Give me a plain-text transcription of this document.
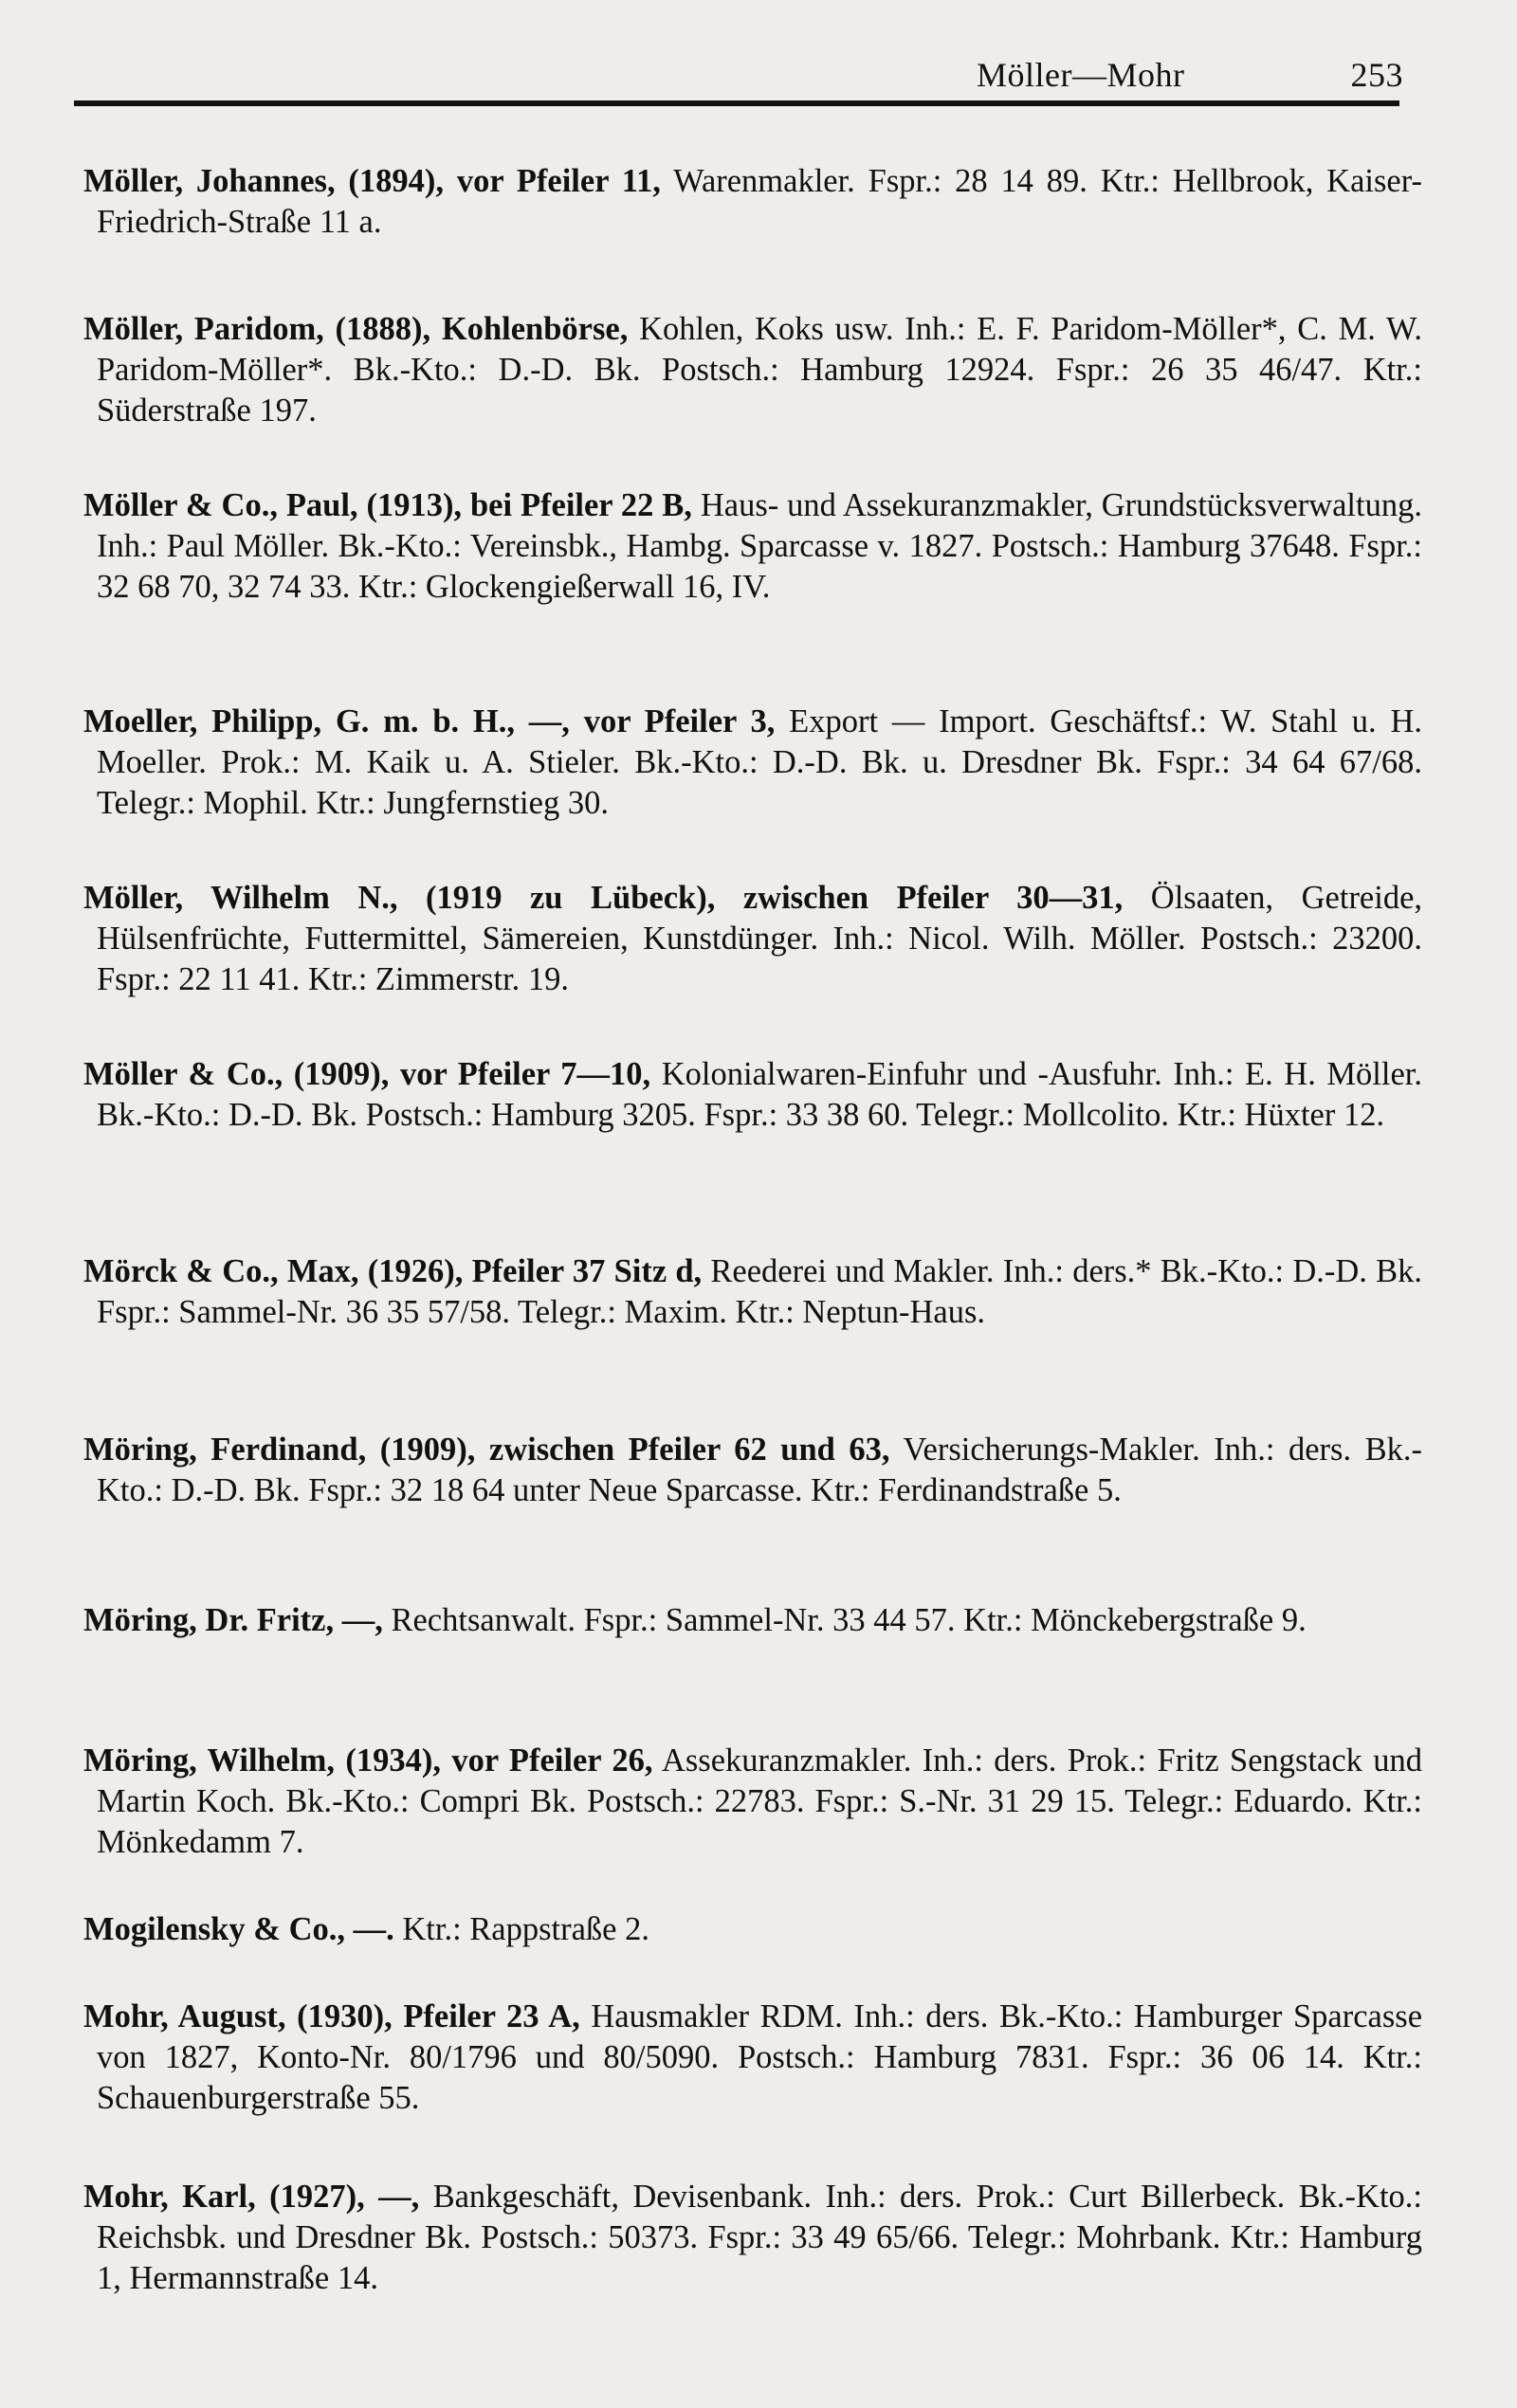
Möller—Mohr	253
Möller, Johannes, (1894), vor Pfeiler 11, Warenmakler. Fspr.: 28 14 89. Ktr.: Hellbrook, Kaiser-Friedrich-Straße 11 a.
Möller, Paridom, (1888), Kohlenbörse, Kohlen, Koks usw. Inh.: E. F. Paridom-Möller*, C. M. W. Paridom-Möller*. Bk.-Kto.: D.-D. Bk. Postsch.: Hamburg 12924. Fspr.: 26 35 46/47. Ktr.: Süderstraße 197.
Möller & Co., Paul, (1913), bei Pfeiler 22 B, Haus- und Assekuranzmakler, Grundstücksverwaltung. Inh.: Paul Möller. Bk.-Kto.: Vereinsbk., Hambg. Sparcasse v. 1827. Postsch.: Hamburg 37648. Fspr.: 32 68 70, 32 74 33. Ktr.: Glockengießerwall 16, IV.
Moeller, Philipp, G. m. b. H., —, vor Pfeiler 3, Export — Import. Geschäftsf.: W. Stahl u. H. Moeller. Prok.: M. Kaik u. A. Stieler. Bk.-Kto.: D.-D. Bk. u. Dresdner Bk. Fspr.: 34 64 67/68. Telegr.: Mophil. Ktr.: Jungfernstieg 30.
Möller, Wilhelm N., (1919 zu Lübeck), zwischen Pfeiler 30—31, Ölsaaten, Getreide, Hülsenfrüchte, Futtermittel, Sämereien, Kunstdünger. Inh.: Nicol. Wilh. Möller. Postsch.: 23200. Fspr.: 22 11 41. Ktr.: Zimmerstr. 19.
Möller & Co., (1909), vor Pfeiler 7—10, Kolonialwaren-Einfuhr und -Ausfuhr. Inh.: E. H. Möller. Bk.-Kto.: D.-D. Bk. Postsch.: Hamburg 3205. Fspr.: 33 38 60. Telegr.: Mollcolito. Ktr.: Hüxter 12.
Mörck & Co., Max, (1926), Pfeiler 37 Sitz d, Reederei und Makler. Inh.: ders.* Bk.-Kto.: D.-D. Bk. Fspr.: Sammel-Nr. 36 35 57/58. Telegr.: Maxim. Ktr.: Neptun-Haus.
Möring, Ferdinand, (1909), zwischen Pfeiler 62 und 63, Versicherungs-Makler. Inh.: ders. Bk.-Kto.: D.-D. Bk. Fspr.: 32 18 64 unter Neue Sparcasse. Ktr.: Ferdinandstraße 5.
Möring, Dr. Fritz, —, Rechtsanwalt. Fspr.: Sammel-Nr. 33 44 57. Ktr.: Mönckebergstraße 9.
Möring, Wilhelm, (1934), vor Pfeiler 26, Assekuranzmakler. Inh.: ders. Prok.: Fritz Sengstack und Martin Koch. Bk.-Kto.: Compri Bk. Postsch.: 22783. Fspr.: S.-Nr. 31 29 15. Telegr.: Eduardo. Ktr.: Mönkedamm 7.
Mogilensky & Co., —. Ktr.: Rappstraße 2.
Mohr, August, (1930), Pfeiler 23 A, Hausmakler RDM. Inh.: ders. Bk.-Kto.: Hamburger Sparcasse von 1827, Konto-Nr. 80/1796 und 80/5090. Postsch.: Hamburg 7831. Fspr.: 36 06 14. Ktr.: Schauenburgerstraße 55.
Mohr, Karl, (1927), —, Bankgeschäft, Devisenbank. Inh.: ders. Prok.: Curt Billerbeck. Bk.-Kto.: Reichsbk. und Dresdner Bk. Postsch.: 50373. Fspr.: 33 49 65/66. Telegr.: Mohrbank. Ktr.: Hamburg 1, Hermannstraße 14.
